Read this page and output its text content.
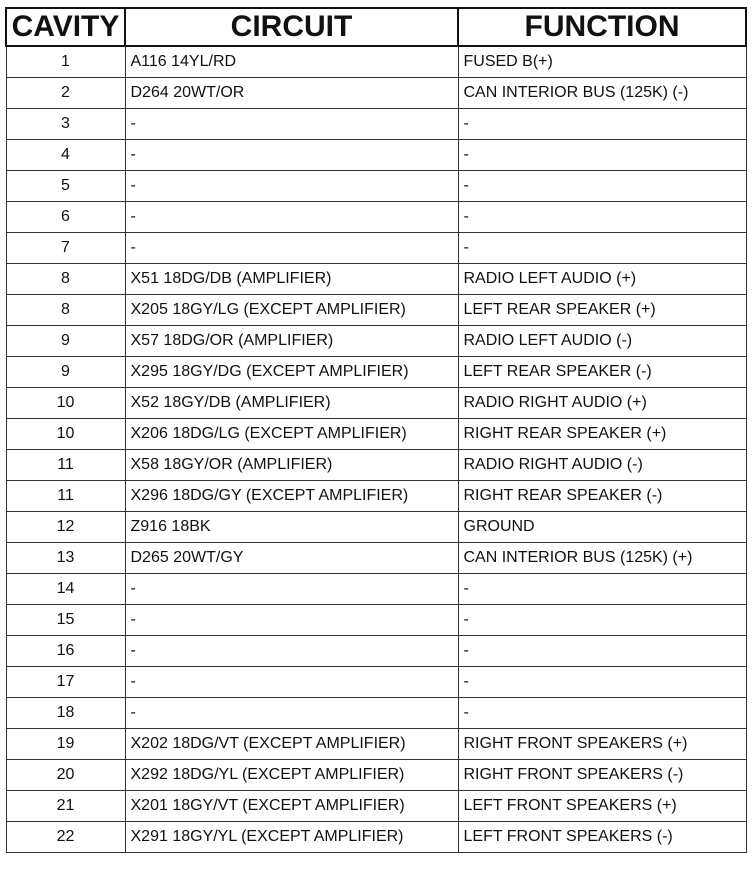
CAVITY	CIRCUIT	FUNCTION
1	A116 14YL/RD	FUSED B(+)
2	D264 20WT/OR	CAN INTERIOR BUS (125K) (-)
3	-	-
4	-	-
5	-	-
6	-	-
7	-	-
8	X51 18DG/DB (AMPLIFIER)	RADIO LEFT AUDIO (+)
8	X205 18GY/LG (EXCEPT AMPLIFIER)	LEFT REAR SPEAKER (+)
9	X57 18DG/OR (AMPLIFIER)	RADIO LEFT AUDIO (-)
9	X295 18GY/DG (EXCEPT AMPLIFIER)	LEFT REAR SPEAKER (-)
10	X52 18GY/DB (AMPLIFIER)	RADIO RIGHT AUDIO (+)
10	X206 18DG/LG (EXCEPT AMPLIFIER)	RIGHT REAR SPEAKER (+)
11	X58 18GY/OR (AMPLIFIER)	RADIO RIGHT AUDIO (-)
11	X296 18DG/GY (EXCEPT AMPLIFIER)	RIGHT REAR SPEAKER (-)
12	Z916 18BK	GROUND
13	D265 20WT/GY	CAN INTERIOR BUS (125K) (+)
14	-	-
15	-	-
16	-	-
17	-	-
18	-	-
19	X202 18DG/VT (EXCEPT AMPLIFIER)	RIGHT FRONT SPEAKERS (+)
20	X292 18DG/YL (EXCEPT AMPLIFIER)	RIGHT FRONT SPEAKERS (-)
21	X201 18GY/VT (EXCEPT AMPLIFIER)	LEFT FRONT SPEAKERS (+)
22	X291 18GY/YL (EXCEPT AMPLIFIER)	LEFT FRONT SPEAKERS (-)
